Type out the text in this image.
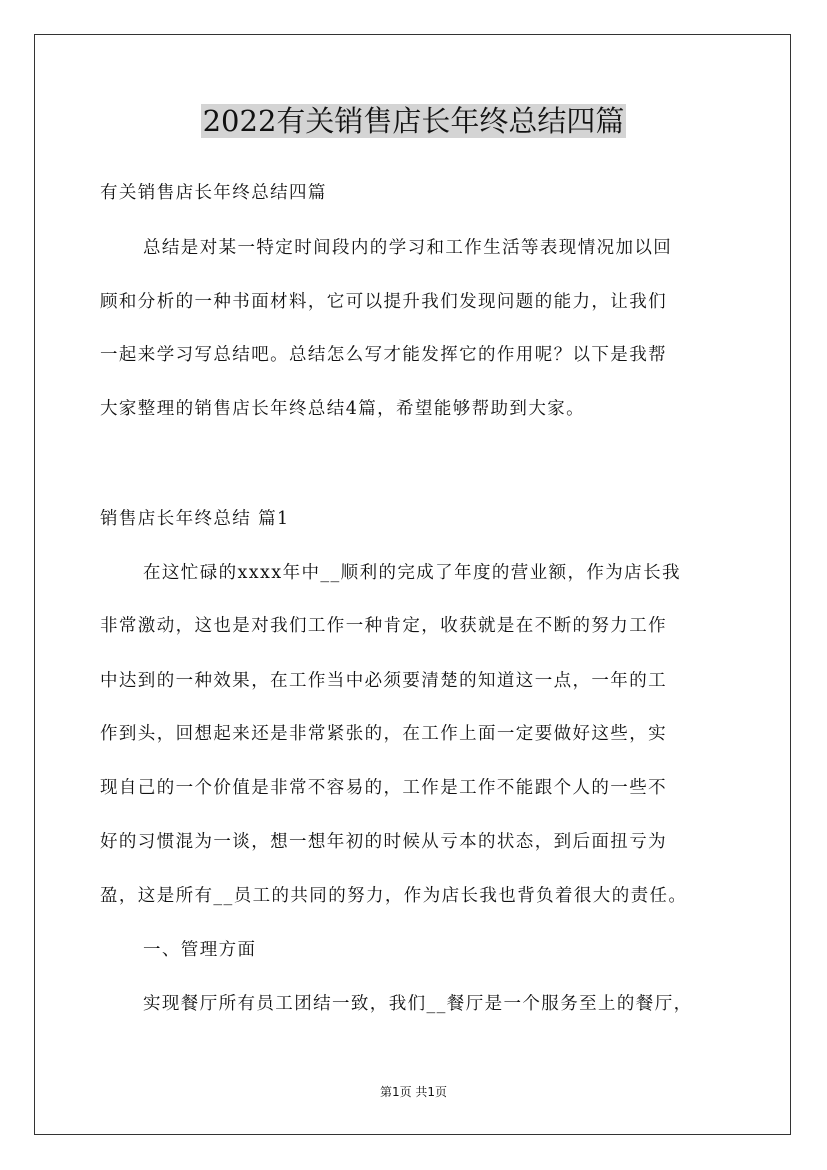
2022有关销售店长年终总结四篇
有关销售店长年终总结四篇
总结是对某一特定时间段内的学习和工作生活等表现情况加以回
顾和分析的一种书面材料，它可以提升我们发现问题的能力，让我们
一起来学习写总结吧。总结怎么写才能发挥它的作用呢？以下是我帮
大家整理的销售店长年终总结4篇，希望能够帮助到大家。
销售店长年终总结 篇1
在这忙碌的xxxx年中__顺利的完成了年度的营业额，作为店长我
非常激动，这也是对我们工作一种肯定，收获就是在不断的努力工作
中达到的一种效果，在工作当中必须要清楚的知道这一点，一年的工
作到头，回想起来还是非常紧张的，在工作上面一定要做好这些，实
现自己的一个价值是非常不容易的，工作是工作不能跟个人的一些不
好的习惯混为一谈，想一想年初的时候从亏本的状态，到后面扭亏为
盈，这是所有__员工的共同的努力，作为店长我也背负着很大的责任。
一、管理方面
实现餐厅所有员工团结一致，我们__餐厅是一个服务至上的餐厅，
第1页 共1页
